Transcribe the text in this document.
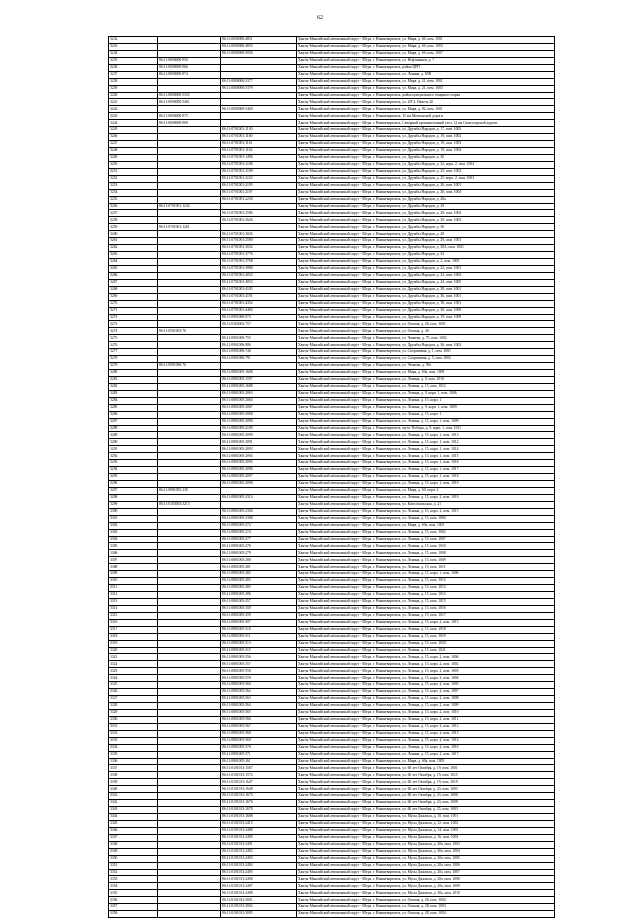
62
3232		86:11:0000000:4851	Ханты-Мансийский автономный округ - Югра, г. Нижневартовск, ул. Мира, д. 60, пом. 1001
3233		86:11:0000000:4855	Ханты-Мансийский автономный округ - Югра, г. Нижневартовск, ул. Мира, д. 60, пом. 1003
3234		86:11:0000000:5056	Ханты-Мансийский автономный округ - Югра, г. Нижневартовск, ул. Мира, д. 60, пом. 1007
3235	86:11:0000000:956		Ханты-Мансийский автономный округ - Югра, г. Нижневартовск, ул. Нефтяников, д. 7
3236	86:11:0000000:966		Ханты-Мансийский автономный округ - Югра, г. Нижневартовск, район ЦРП
3237	86:11:0000000:974		Ханты-Мансийский автономный округ - Югра, г. Нижневартовск, ул. Ленина, д. 65В
3238		86:11:0000000:5377	Ханты-Мансийский автономный округ - Югра, г. Нижневартовск, ул. Мира, д. 21, пом. 1001
3239		86:11:0000000:5379	Ханты-Мансийский автономный округ - Югра, г. Нижневартовск, ул. Мира, д. 21, пом. 1003
3240	86:11:0000000:5335		Ханты-Мансийский автономный округ - Югра, г. Нижневартовск, район центрального товарного парка
3241	86:11:0000000:5461		Ханты-Мансийский автономный округ - Югра, г. Нижневартовск, ул. 2П-2, Панель 20
3242		86:11:0000000:5460	Ханты-Мансийский автономный округ - Югра, г. Нижневартовск, ул. Мира, д. 82, пом. 1001
3243	86:11:0000000:975		Ханты-Мансийский автономный округ - Югра, г. Нижневартовск, 15 км Мегионской дороги
3244	86:11:0000000:969		Ханты-Мансийский автономный округ - Югра, г. Нижневартовск, Северный промышленный узел, 12 км Самотлорской дороги
3245		86:11:0701001:1130	Ханты-Мансийский автономный округ - Югра, г. Нижневартовск, ул. Дружбы Народов, д. 17, пом. 1002
3246		86:11:0701001:1160	Ханты-Мансийский автономный округ - Югра, г. Нижневартовск, ул. Дружбы Народов, д. 19, пом. 1002
3247		86:11:0701001:1161	Ханты-Мансийский автономный округ - Югра, г. Нижневартовск, ул. Дружбы Народов, д. 19, пом. 1003
3248		86:11:0701001:1162	Ханты-Мансийский автономный округ - Югра, г. Нижневартовск, ул. Дружбы Народов, д. 19, пом. 1004
3249		86:11:0701001:1496	Ханты-Мансийский автономный округ - Югра, г. Нижневартовск, ул. Дружбы Народов, д. 20
3250		86:11:0701001:2108	Ханты-Мансийский автономный округ - Югра, г. Нижневартовск, ул. Дружбы Народов, д. 22, корп. 2, пом. 1004
3251		86:11:0701001:2109	Ханты-Мансийский автономный округ - Югра, г. Нижневартовск, ул. Дружбы Народов, д. 25, пом. 1002
3252		86:11:0701001:2110	Ханты-Мансийский автономный округ - Югра, г. Нижневартовск, ул. Дружбы Народов, д. 25, корп. 2, пом. 1003
3253		86:11:0701001:2195	Ханты-Мансийский автономный округ - Югра, г. Нижневартовск, ул. Дружбы Народов, д. 26, пом. 1001
3254		86:11:0701001:2197	Ханты-Мансийский автономный округ - Югра, г. Нижневартовск, ул. Дружбы Народов, д. 28, пом. 1004
3255		86:11:0701001:2230	Ханты-Мансийский автономный округ - Югра, г. Нижневартовск, ул. Дружбы Народов, д. 26а
3256	86:11:0701001:1232		Ханты-Мансийский автономный округ - Югра, г. Нижневартовск, ул. Дружбы Народов, д. 29
3257		86:11:0701001:2586	Ханты-Мансийский автономный округ - Югра, г. Нижневартовск, ул. Дружбы Народов, д. 29, пом. 1002
3258		86:11:0701001:2626	Ханты-Мансийский автономный округ - Югра, г. Нижневартовск, ул. Дружбы Народов, д. 29, пом. 1003
3259	86:11:0701001:1261		Ханты-Мансийский автономный округ - Югра, г. Нижневартовск, ул. Дружбы Народов, д. 30
3260		86:11:0701001:3026	Ханты-Мансийский автономный округ - Югра, г. Нижневартовск, ул. Дружбы Народов, д. 28
3261		86:11:0701001:2580	Ханты-Мансийский автономный округ - Югра, г. Нижневартовск, ул. Дружбы Народов, д. 29, пом. 1001
3262		86:11:0701001:3032	Ханты-Мансийский автономный округ - Югра, г. Нижневартовск, ул. Дружбы Народов, д. 30А, пом. 1001
3263		86:11:0701001:3776	Ханты-Мансийский автономный округ - Югра, г. Нижневартовск, ул. Дружбы Народов, д. 32
3264		86:11:0701001:3768	Ханты-Мансийский автономный округ - Югра, г. Нижневартовск, ул. Дружбы Народов, д. 2, пом. 1005
3265		86:11:0701001:3880	Ханты-Мансийский автономный округ - Югра, г. Нижневартовск, ул. Дружбы Народов, д. 22, пом. 1001
3266		86:11:0701001:4052	Ханты-Мансийский автономный округ - Югра, г. Нижневартовск, ул. Дружбы Народов, д. 24, пом. 1004
3267		86:11:0701001:4053	Ханты-Мансийский автономный округ - Югра, г. Нижневартовск, ул. Дружбы Народов, д. 24, пом. 1005
3268		86:11:0701001:4185	Ханты-Мансийский автономный округ - Югра, г. Нижневартовск, ул. Дружбы Народов, д. 38, пом. 1001
3269		86:11:0701001:4191	Ханты-Мансийский автономный округ - Югра, г. Нижневартовск, ул. Дружбы Народов, д. 36, пом. 1001
3270		86:11:0701001:4352	Ханты-Мансийский автономный округ - Югра, г. Нижневартовск, ул. Дружбы Народов, д. 18, пом. 1001
3271		86:11:0701001:4484	Ханты-Мансийский автономный округ - Югра, г. Нижневартовск, ул. Дружбы Народов, д. 20, пом. 1009
3272		86:11:0901006:973	Ханты-Мансийский автономный округ - Югра, г. Нижневартовск, ул. Дружбы Народов, д. 19, пом. 1009
3273		86:11:0302002:757	Ханты-Мансийский автономный округ - Югра, г. Нижневартовск, ул. Омская, д. 28, пом. 1001
3274	86:11:0501003:76		Ханты-Мансийский автономный округ - Югра, г. Нижневартовск, ул. Омская, д. 40
3275		86:11:0901006:755	Ханты-Мансийский автономный округ - Югра, г. Нижневартовск, ул. Чапаева, д. 75, пом. 1002
3276		86:11:0901006:986	Ханты-Мансийский автономный округ - Югра, г. Нижневартовск, ул. Дружбы Народов, д. 36, пом. 1002
3277		86:11:0901006:740	Ханты-Мансийский автономный округ - Югра, г. Нижневартовск, ул. Спортивная, д. 1, пом. 1001
3278		86:11:0901006:791	Ханты-Мансийский автономный округ - Югра, г. Нижневартовск, ул. Спортивная, д. 5, пом. 1002
3279	86:11:0901006:76		Ханты-Мансийский автономный округ - Югра, г. Нижневартовск, ул. Чапаева, д. 59а
3280		86:11:0801005:1608	Ханты-Мансийский автономный округ - Югра, г. Нижневартовск, ул. Мира, д. 60а, пом. 1009
3281		86:11:0801005:1597	Ханты-Мансийский автономный округ - Югра, г. Нижневартовск, ул. Ленина, д. 9, пом. 1010
3282		86:11:0801005:1688	Ханты-Мансийский автономный округ - Югра, г. Нижневартовск, ул. Ленина, д. 15, пом. 1012
3283		86:11:0801005:2063	Ханты-Мансийский автономный округ - Югра, г. Нижневартовск, ул. Ленина, д. 9, корп. 1, пом. 1006
3284		86:11:0801005:2064	Ханты-Мансийский автономный округ - Югра, г. Нижневартовск, ул. Ленина, д. 15, корп. 1
3285		86:11:0801005:2067	Ханты-Мансийский автономный округ - Югра, г. Нижневартовск, ул. Ленина, д. 9, корп. 1, пом. 1009
3286		86:11:0801005:2068	Ханты-Мансийский автономный округ - Югра, г. Нижневартовск, ул. Ленина, д. 15, корп. 1
3287		86:11:0801005:2080	Ханты-Мансийский автономный округ - Югра, г. Нижневартовск, ул. Ленина, д. 15, корп. 1, пом. 1009
3288		86:11:0801005:2100	Ханты-Мансийский автономный округ - Югра, г. Нижневартовск, пр-кт Победы, д. 9, корп. 1, пом. 1011
3289		86:11:0801005:2099	Ханты-Мансийский автономный округ - Югра, г. Нижневартовск, ул. Ленина, д. 15, корп. 1, пом. 1013
3290		86:11:0801005:2091	Ханты-Мансийский автономный округ - Югра, г. Нижневартовск, ул. Ленина, д. 15, корп. 1, пом. 1012
3291		86:11:0801005:2093	Ханты-Мансийский автономный округ - Югра, г. Нижневартовск, ул. Ленина, д. 15, корп. 1, пом. 1014
3292		86:11:0801005:2094	Ханты-Мансийский автономный округ - Югра, г. Нижневартовск, ул. Ленина, д. 15, корп. 1, пом. 1015
3293		86:11:0801005:2095	Ханты-Мансийский автономный округ - Югра, г. Нижневартовск, ул. Ленина, д. 15, корп. 1, пом. 1016
3294		86:11:0801005:2096	Ханты-Мансийский автономный округ - Югра, г. Нижневартовск, ул. Ленина, д. 15, корп. 1, пом. 1017
3295		86:11:0801005:2097	Ханты-Мансийский автономный округ - Югра, г. Нижневартовск, ул. Ленина, д. 15, корп. 1, пом. 1018
3296		86:11:0801005:2098	Ханты-Мансийский автономный округ - Югра, г. Нижневартовск, ул. Ленина, д. 15, корп. 1, пом. 1019
3297	86:11:0801005:230		Ханты-Мансийский автономный округ - Югра, г. Нижневартовск, ул. Мира, д. 60, корп. 2
3298		86:11:0801005:2314	Ханты-Мансийский автономный округ - Югра, г. Нижневартовск, ул. Ленина, д. 15, корп. 2, пом. 1018
3299	86:11:0103003:3213		Ханты-Мансийский автономный округ - Югра, г. Нижневартовск, ул. Комсомольская, д. 21
3300		86:11:0801005:2306	Ханты-Мансийский автономный округ - Югра, г. Нижневартовск, ул. Ленина, д. 15, корп. 2, пом. 1015
3301		86:11:0801005:2308	Ханты-Мансийский автономный округ - Югра, г. Нижневартовск, ул. Ленина, д. 15, пом. 1004
3302		86:11:0801005:272	Ханты-Мансийский автономный округ - Югра, г. Нижневартовск, ул. Мира, д. 60а, пом. 1001
3303		86:11:0801005:274	Ханты-Мансийский автономный округ - Югра, г. Нижневартовск, ул. Ленина, д. 15, пом. 1002
3304		86:11:0801005:277	Ханты-Мансийский автономный округ - Югра, г. Нижневартовск, ул. Ленина, д. 15, пом. 1007
3305		86:11:0801005:278	Ханты-Мансийский автономный округ - Югра, г. Нижневартовск, ул. Ленина, д. 15, пом. 1010
3306		86:11:0801005:279	Ханты-Мансийский автономный округ - Югра, г. Нижневартовск, ул. Ленина, д. 15, пом. 1008
3307		86:11:0801005:280	Ханты-Мансийский автономный округ - Югра, г. Нижневартовск, ул. Ленина, д. 15, пом. 1009
3308		86:11:0801005:281	Ханты-Мансийский автономный округ - Югра, г. Нижневартовск, ул. Ленина, д. 15, пом. 1011
3309		86:11:0801005:282	Ханты-Мансийский автономный округ - Югра, г. Нижневартовск, ул. Ленина, д. 15, корп. 1, пом. 1006
3310		86:11:0801005:283	Ханты-Мансийский автономный округ - Югра, г. Нижневартовск, ул. Ленина, д. 15, пом. 1012
3311		86:11:0801005:285	Ханты-Мансийский автономный округ - Югра, г. Нижневартовск, ул. Ленина, д. 15, пом. 1013
3312		86:11:0801005:286	Ханты-Мансийский автономный округ - Югра, г. Нижневартовск, ул. Ленина, д. 15, пом. 1014
3313		86:11:0801005:357	Ханты-Мансийский автономный округ - Югра, г. Нижневартовск, ул. Ленина, д. 15, пом. 1015
3314		86:11:0801005:358	Ханты-Мансийский автономный округ - Югра, г. Нижневартовск, ул. Ленина, д. 15, пом. 1016
3315		86:11:0801005:359	Ханты-Мансийский автономный округ - Югра, г. Нижневартовск, ул. Ленина, д. 15, пом. 1017
3316		86:11:0801005:307	Ханты-Мансийский автономный округ - Югра, г. Нижневартовск, ул. Ленина, д. 15, корп. 2, пом. 1015
3317		86:11:0801005:310	Ханты-Мансийский автономный округ - Югра, г. Нижневартовск, ул. Ленина, д. 15, пом. 1018
3318		86:11:0801005:311	Ханты-Мансийский автономный округ - Югра, г. Нижневартовск, ул. Ленина, д. 15, пом. 1019
3319		86:11:0801005:313	Ханты-Мансийский автономный округ - Югра, г. Нижневартовск, ул. Ленина, д. 15, пом. 1020
3320		86:11:0801005:315	Ханты-Мансийский автономный округ - Югра, г. Нижневартовск, ул. Ленина, д. 15, пом. 1021
3321		86:11:0801005:556	Ханты-Мансийский автономный округ - Югра, г. Нижневартовск, ул. Ленина, д. 15, корп. 2, пом. 1006
3322		86:11:0801005:557	Ханты-Мансийский автономный округ - Югра, г. Нижневартовск, ул. Ленина, д. 15, корп. 2, пом. 1002
3323		86:11:0801005:558	Ханты-Мансийский автономный округ - Югра, г. Нижневартовск, ул. Ленина, д. 15, корп. 2, пом. 1003
3324		86:11:0801005:559	Ханты-Мансийский автономный округ - Югра, г. Нижневартовск, ул. Ленина, д. 15, корп. 2, пом. 1004
3325		86:11:0801005:560	Ханты-Мансийский автономный округ - Югра, г. Нижневартовск, ул. Ленина, д. 15, корп. 2, пом. 1005
3326		86:11:0801005:562	Ханты-Мансийский автономный округ - Югра, г. Нижневартовск, ул. Ленина, д. 15, корп. 2, пом. 1007
3327		86:11:0801005:563	Ханты-Мансийский автономный округ - Югра, г. Нижневартовск, ул. Ленина, д. 15, корп. 2, пом. 1008
3328		86:11:0801005:564	Ханты-Мансийский автономный округ - Югра, г. Нижневартовск, ул. Ленина, д. 15, корп. 2, пом. 1009
3329		86:11:0801005:565	Ханты-Мансийский автономный округ - Югра, г. Нижневартовск, ул. Ленина, д. 15, корп. 2, пом. 1010
3330		86:11:0801005:566	Ханты-Мансийский автономный округ - Югра, г. Нижневартовск, ул. Ленина, д. 15, корп. 2, пом. 1011
3331		86:11:0801005:567	Ханты-Мансийский автономный округ - Югра, г. Нижневартовск, ул. Ленина, д. 15, корп. 2, пом. 1012
3332		86:11:0801005:568	Ханты-Мансийский автономный округ - Югра, г. Нижневартовск, ул. Ленина, д. 15, корп. 2, пом. 1013
3333		86:11:0801005:569	Ханты-Мансийский автономный округ - Югра, г. Нижневартовск, ул. Ленина, д. 15, корп. 2, пом. 1014
3334		86:11:0801005:570	Ханты-Мансийский автономный округ - Югра, г. Нижневартовск, ул. Ленина, д. 15, корп. 2, пом. 1016
3335		86:11:0801005:571	Ханты-Мансийский автономный округ - Югра, г. Нижневартовск, ул. Ленина, д. 15, корп. 2, пом. 1017
3336		86:11:0801005:261	Ханты-Мансийский автономный округ - Югра, г. Нижневартовск, ул. Мира, д. 60а, пом. 1003
3337		86:11:0101013:1567	Ханты-Мансийский автономный округ - Югра, г. Нижневартовск, ул. 60 лет Октября, д. 19, пом. 1001
3338		86:11:0101013:1572	Ханты-Мансийский автономный округ - Югра, г. Нижневартовск, ул. 60 лет Октября, д. 19, пом. 1015
3339		86:11:0101013:1647	Ханты-Мансийский автономный округ - Югра, г. Нижневартовск, ул. 60 лет Октября, д. 19, пом. 1019
3340		86:11:0101013:1648	Ханты-Мансийский автономный округ - Югра, г. Нижневартовск, ул. 60 лет Октября, д. 23, пом. 1003
3341		86:11:0101013:1675	Ханты-Мансийский автономный округ - Югра, г. Нижневартовск, ул. 60 лет Октября, д. 23, пом. 1006
3342		86:11:0101013:1676	Ханты-Мансийский автономный округ - Югра, г. Нижневартовск, ул. 60 лет Октября, д. 23, пом. 1008
3343		86:11:0101013:1678	Ханты-Мансийский автономный округ - Югра, г. Нижневартовск, ул. 60 лет Октября, д. 25, пом. 1003
3344		86:11:0101013:1688	Ханты-Мансийский автономный округ - Югра, г. Нижневартовск, ул. Мусы Джалиля, д. 10, пом. 1001
3345		86:11:0101013:2415	Ханты-Мансийский автономный округ - Югра, г. Нижневартовск, ул. Мусы Джалиля, д. 12, пом. 1002
3346		86:11:0101013:2488	Ханты-Мансийский автономный округ - Югра, г. Нижневартовск, ул. Мусы Джалиля, д. 14, пом. 1003
3347		86:11:0101013:2490	Ханты-Мансийский автономный округ - Югра, г. Нижневартовск, ул. Мусы Джалиля, д. 16, пом. 1004
3348		86:11:0101013:2491	Ханты-Мансийский автономный округ - Югра, г. Нижневартовск, ул. Мусы Джалиля, д. 20а, пом. 1003
3349		86:11:0101013:2492	Ханты-Мансийский автономный округ - Югра, г. Нижневартовск, ул. Мусы Джалиля, д. 20а, пом. 1004
3350		86:11:0101013:2493	Ханты-Мансийский автономный округ - Югра, г. Нижневартовск, ул. Мусы Джалиля, д. 20а, пом. 1005
3351		86:11:0101013:2494	Ханты-Мансийский автономный округ - Югра, г. Нижневартовск, ул. Мусы Джалиля, д. 20а, пом. 1006
3352		86:11:0101013:2495	Ханты-Мансийский автономный округ - Югра, г. Нижневартовск, ул. Мусы Джалиля, д. 20а, пом. 1007
3353		86:11:0101013:2496	Ханты-Мансийский автономный округ - Югра, г. Нижневартовск, ул. Мусы Джалиля, д. 20а, пом. 1008
3354		86:11:0101013:2497	Ханты-Мансийский автономный округ - Югра, г. Нижневартовск, ул. Мусы Джалиля, д. 20а, пом. 1009
3355		86:11:0101013:2498	Ханты-Мансийский автономный округ - Югра, г. Нижневартовск, ул. Мусы Джалиля, д. 20а, пом. 1010
3356		86:11:0101013:3001	Ханты-Мансийский автономный округ - Югра, г. Нижневартовск, ул. Омская, д. 28, пом. 1002
3357		86:11:0101013:3002	Ханты-Мансийский автономный округ - Югра, г. Нижневартовск, ул. Омская, д. 28, пом. 1003
3358		86:11:0101013:3005	Ханты-Мансийский автономный округ - Югра, г. Нижневартовск, ул. Омская, д. 28, пом. 1004
